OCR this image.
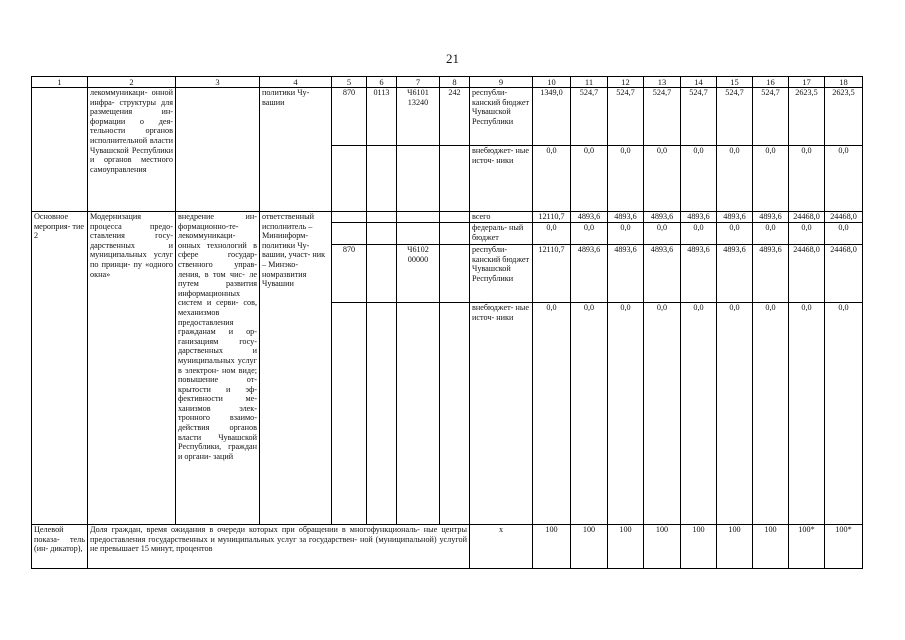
21
1	2	3	4	5	6	7	8	9	10	11	12	13	14	15	16	17	18
	лекоммуникаци- онной инфра- структуры для размещения ин- формации о дея- тельности органов исполнительной власти Чувашской Республики и органов местного самоуправления		политики Чу- вашии	870	0113	Ч6101 13240	242	республи- канский бюджет Чувашской Республики	1349,0	524,7	524,7	524,7	524,7	524,7	524,7	2623,5	2623,5
								внебюджет- ные источ- ники	0,0	0,0	0,0	0,0	0,0	0,0	0,0	0,0	0,0
Основное мероприя- тие 2	Модернизация процесса предо- ставления госу- дарственных и муниципальных услуг по принци- пу «одного окна»	внедрение ин- формационно-те- лекоммуникаци- онных технологий в сфере государ- ственного управ- ления, в том чис- ле путем развития информационных систем и серви- сов, механизмов предоставления гражданам и ор- ганизациям госу- дарственных и муниципальных услуг в электрон- ном виде; повышение от- крытости и эф- фективности ме- ханизмов элек- тронного взаимо- действия органов власти Чувашской Республики, граждан и органи- заций	ответственный исполнитель – Мининформ- политики Чу- вашии, участ- ник – Минэко- номразвития Чувашии					всего	12110,7	4893,6	4893,6	4893,6	4893,6	4893,6	4893,6	24468,0	24468,0
								федераль- ный бюджет	0,0	0,0	0,0	0,0	0,0	0,0	0,0	0,0	0,0
				870		Ч6102 00000		республи- канский бюджет Чувашской Республики	12110,7	4893,6	4893,6	4893,6	4893,6	4893,6	4893,6	24468,0	24468,0
								внебюджет- ные источ- ники	0,0	0,0	0,0	0,0	0,0	0,0	0,0	0,0	0,0
Целевой показа- тель (ин- дикатор),	Доля граждан, время ожидания в очереди которых при обращении в многофункциональ- ные центры предоставления государственных и муниципальных услуг за государствен- ной (муниципальной) услугой не превышает 15 минут, процентов							x	100	100	100	100	100	100	100	100*	100*
